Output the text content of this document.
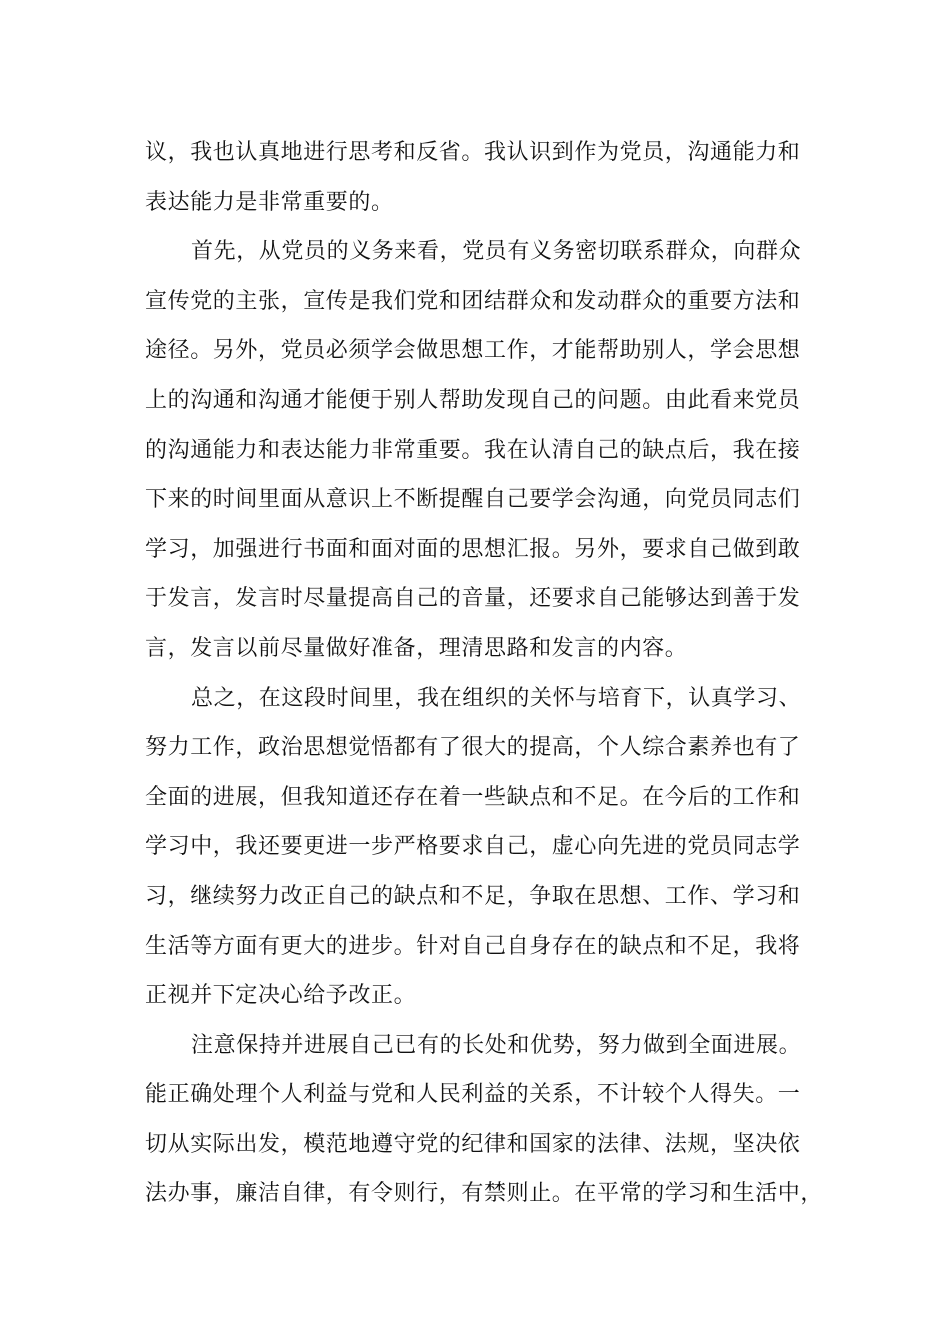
议，我也认真地进行思考和反省。我认识到作为党员，沟通能力和
表达能力是非常重要的。
首先，从党员的义务来看，党员有义务密切联系群众，向群众
宣传党的主张，宣传是我们党和团结群众和发动群众的重要方法和
途径。另外，党员必须学会做思想工作，才能帮助别人，学会思想
上的沟通和沟通才能便于别人帮助发现自己的问题。由此看来党员
的沟通能力和表达能力非常重要。我在认清自己的缺点后，我在接
下来的时间里面从意识上不断提醒自己要学会沟通，向党员同志们
学习，加强进行书面和面对面的思想汇报。另外，要求自己做到敢
于发言，发言时尽量提高自己的音量，还要求自己能够达到善于发
言，发言以前尽量做好准备，理清思路和发言的内容。
总之，在这段时间里，我在组织的关怀与培育下，认真学习、
努力工作，政治思想觉悟都有了很大的提高，个人综合素养也有了
全面的进展，但我知道还存在着一些缺点和不足。在今后的工作和
学习中，我还要更进一步严格要求自己，虚心向先进的党员同志学
习，继续努力改正自己的缺点和不足，争取在思想、工作、学习和
生活等方面有更大的进步。针对自己自身存在的缺点和不足，我将
正视并下定决心给予改正。
注意保持并进展自己已有的长处和优势，努力做到全面进展。
能正确处理个人利益与党和人民利益的关系，不计较个人得失。一
切从实际出发，模范地遵守党的纪律和国家的法律、法规，坚决依
法办事，廉洁自律，有令则行，有禁则止。在平常的学习和生活中，
